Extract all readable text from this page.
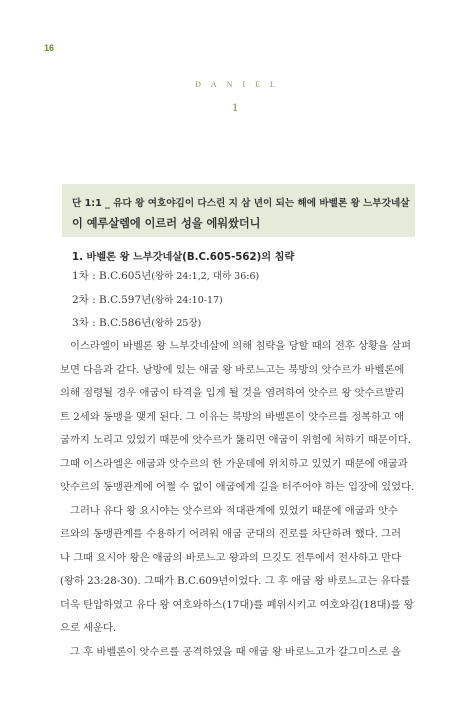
16
DANIEL
1
단 1:1 _ 유다 왕 여호야김이 다스린 지 삼 년이 되는 해에 바벨론 왕 느부갓네살
이 예루살렘에 이르러 성을 에워쌌더니
1. 바벨론 왕 느부갓네살(B.C.605-562)의 침략
1차 : B.C.605년(왕하 24:1,2, 대하 36:6)
2차 : B.C.597년(왕하 24:10-17)
3차 : B.C.586년(왕하 25장)
이스라엘이 바벨론 왕 느부갓네살에 의해 침략을 당할 때의 전후 상황을 살펴
보면 다음과 같다. 남방에 있는 애굽 왕 바로느고는 북방의 앗수르가 바벨론에
의해 점령될 경우 애굽이 타격을 입게 될 것을 염려하여 앗수르 왕 앗수르발리
트 2세와 동맹을 맺게 된다. 그 이유는 북방의 바벨론이 앗수르를 정복하고 애
굽까지 노리고 있었기 때문에 앗수르가 뚫리면 애굽이 위험에 처하기 때문이다.
그때 이스라엘은 애굽과 앗수르의 한 가운데에 위치하고 있었기 때문에 애굽과
앗수르의 동맹관계에 어쩔 수 없이 애굽에게 길을 터주어야 하는 입장에 있었다.
그러나 유다 왕 요시야는 앗수르와 적대관계에 있었기 때문에 애굽과 앗수
르와의 동맹관계를 수용하기 어려워 애굽 군대의 진로를 차단하려 했다. 그러
나 그때 요시아 왕은 애굽의 바로느고 왕과의 므깃도 전투에서 전사하고 만다
(왕하 23:28-30). 그때가 B.C.609년이었다. 그 후 애굽 왕 바로느고는 유다를
더욱 탄압하였고 유다 왕 여호와하스(17대)를 폐위시키고 여호와김(18대)를 왕
으로 세운다.
그 후 바벨론이 앗수르를 공격하였을 때 애굽 왕 바로느고가 갈그미스로 올
